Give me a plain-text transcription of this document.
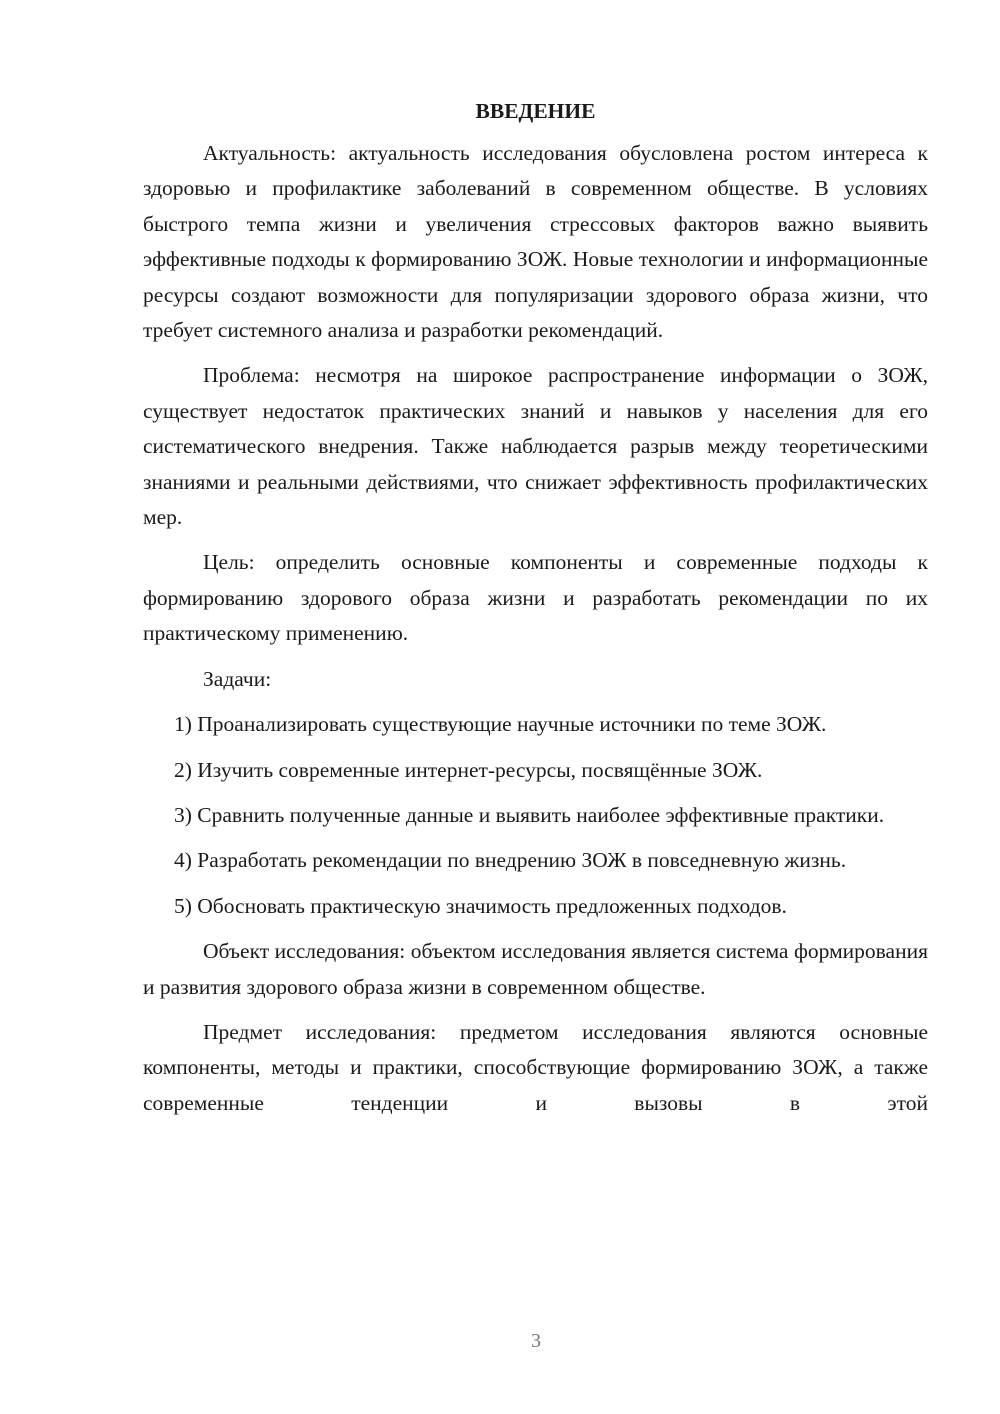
ВВЕДЕНИЕ

Актуальность: актуальность исследования обусловлена ростом интереса к здоровью и профилактике заболеваний в современном обществе. В условиях быстрого темпа жизни и увеличения стрессовых факторов важно выявить эффективные подходы к формированию ЗОЖ. Новые технологии и информационные ресурсы создают возможности для популяризации здорового образа жизни, что требует системного анализа и разработки рекомендаций.

Проблема: несмотря на широкое распространение информации о ЗОЖ, существует недостаток практических знаний и навыков у населения для его систематического внедрения. Также наблюдается разрыв между теоретическими знаниями и реальными действиями, что снижает эффективность профилактических мер.

Цель: определить основные компоненты и современные подходы к формированию здорового образа жизни и разработать рекомендации по их практическому применению.

Задачи:

1) Проанализировать существующие научные источники по теме ЗОЖ.

2) Изучить современные интернет-ресурсы, посвящённые ЗОЖ.

3) Сравнить полученные данные и выявить наиболее эффективные практики.

4) Разработать рекомендации по внедрению ЗОЖ в повседневную жизнь.

5) Обосновать практическую значимость предложенных подходов.

Объект исследования: объектом исследования является система формирования и развития здорового образа жизни в современном обществе.

Предмет исследования: предметом исследования являются основные компоненты, методы и практики, способствующие формированию ЗОЖ, а также современные тенденции и вызовы в этой

3
